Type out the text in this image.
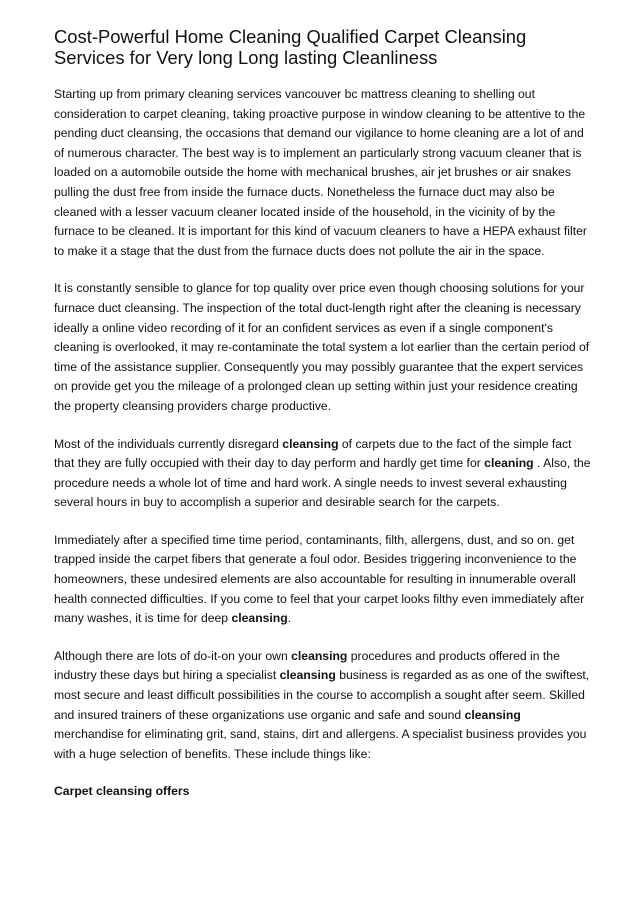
Cost-Powerful Home Cleaning Qualified Carpet Cleansing Services for Very long Long lasting Cleanliness

Starting up from primary cleaning services vancouver bc mattress cleaning to shelling out consideration to carpet cleaning, taking proactive purpose in window cleaning to be attentive to the pending duct cleansing, the occasions that demand our vigilance to home cleaning are a lot of and of numerous character. The best way is to implement an particularly strong vacuum cleaner that is loaded on a automobile outside the home with mechanical brushes, air jet brushes or air snakes pulling the dust free from inside the furnace ducts. Nonetheless the furnace duct may also be cleaned with a lesser vacuum cleaner located inside of the household, in the vicinity of by the furnace to be cleaned. It is important for this kind of vacuum cleaners to have a HEPA exhaust filter to make it a stage that the dust from the furnace ducts does not pollute the air in the space.

It is constantly sensible to glance for top quality over price even though choosing solutions for your furnace duct cleansing. The inspection of the total duct-length right after the cleaning is necessary ideally a online video recording of it for an confident services as even if a single component's cleaning is overlooked, it may re-contaminate the total system a lot earlier than the certain period of time of the assistance supplier. Consequently you may possibly guarantee that the expert services on provide get you the mileage of a prolonged clean up setting within just your residence creating the property cleansing providers charge productive.

Most of the individuals currently disregard cleansing of carpets due to the fact of the simple fact that they are fully occupied with their day to day perform and hardly get time for cleaning . Also, the procedure needs a whole lot of time and hard work. A single needs to invest several exhausting several hours in buy to accomplish a superior and desirable search for the carpets.

Immediately after a specified time time period, contaminants, filth, allergens, dust, and so on. get trapped inside the carpet fibers that generate a foul odor. Besides triggering inconvenience to the homeowners, these undesired elements are also accountable for resulting in innumerable overall health connected difficulties. If you come to feel that your carpet looks filthy even immediately after many washes, it is time for deep cleansing.

Although there are lots of do-it-on your own cleansing procedures and products offered in the industry these days but hiring a specialist cleansing business is regarded as as one of the swiftest, most secure and least difficult possibilities in the course to accomplish a sought after seem. Skilled and insured trainers of these organizations use organic and safe and sound cleansing merchandise for eliminating grit, sand, stains, dirt and allergens. A specialist business provides you with a huge selection of benefits. These include things like:

Carpet cleansing offers
